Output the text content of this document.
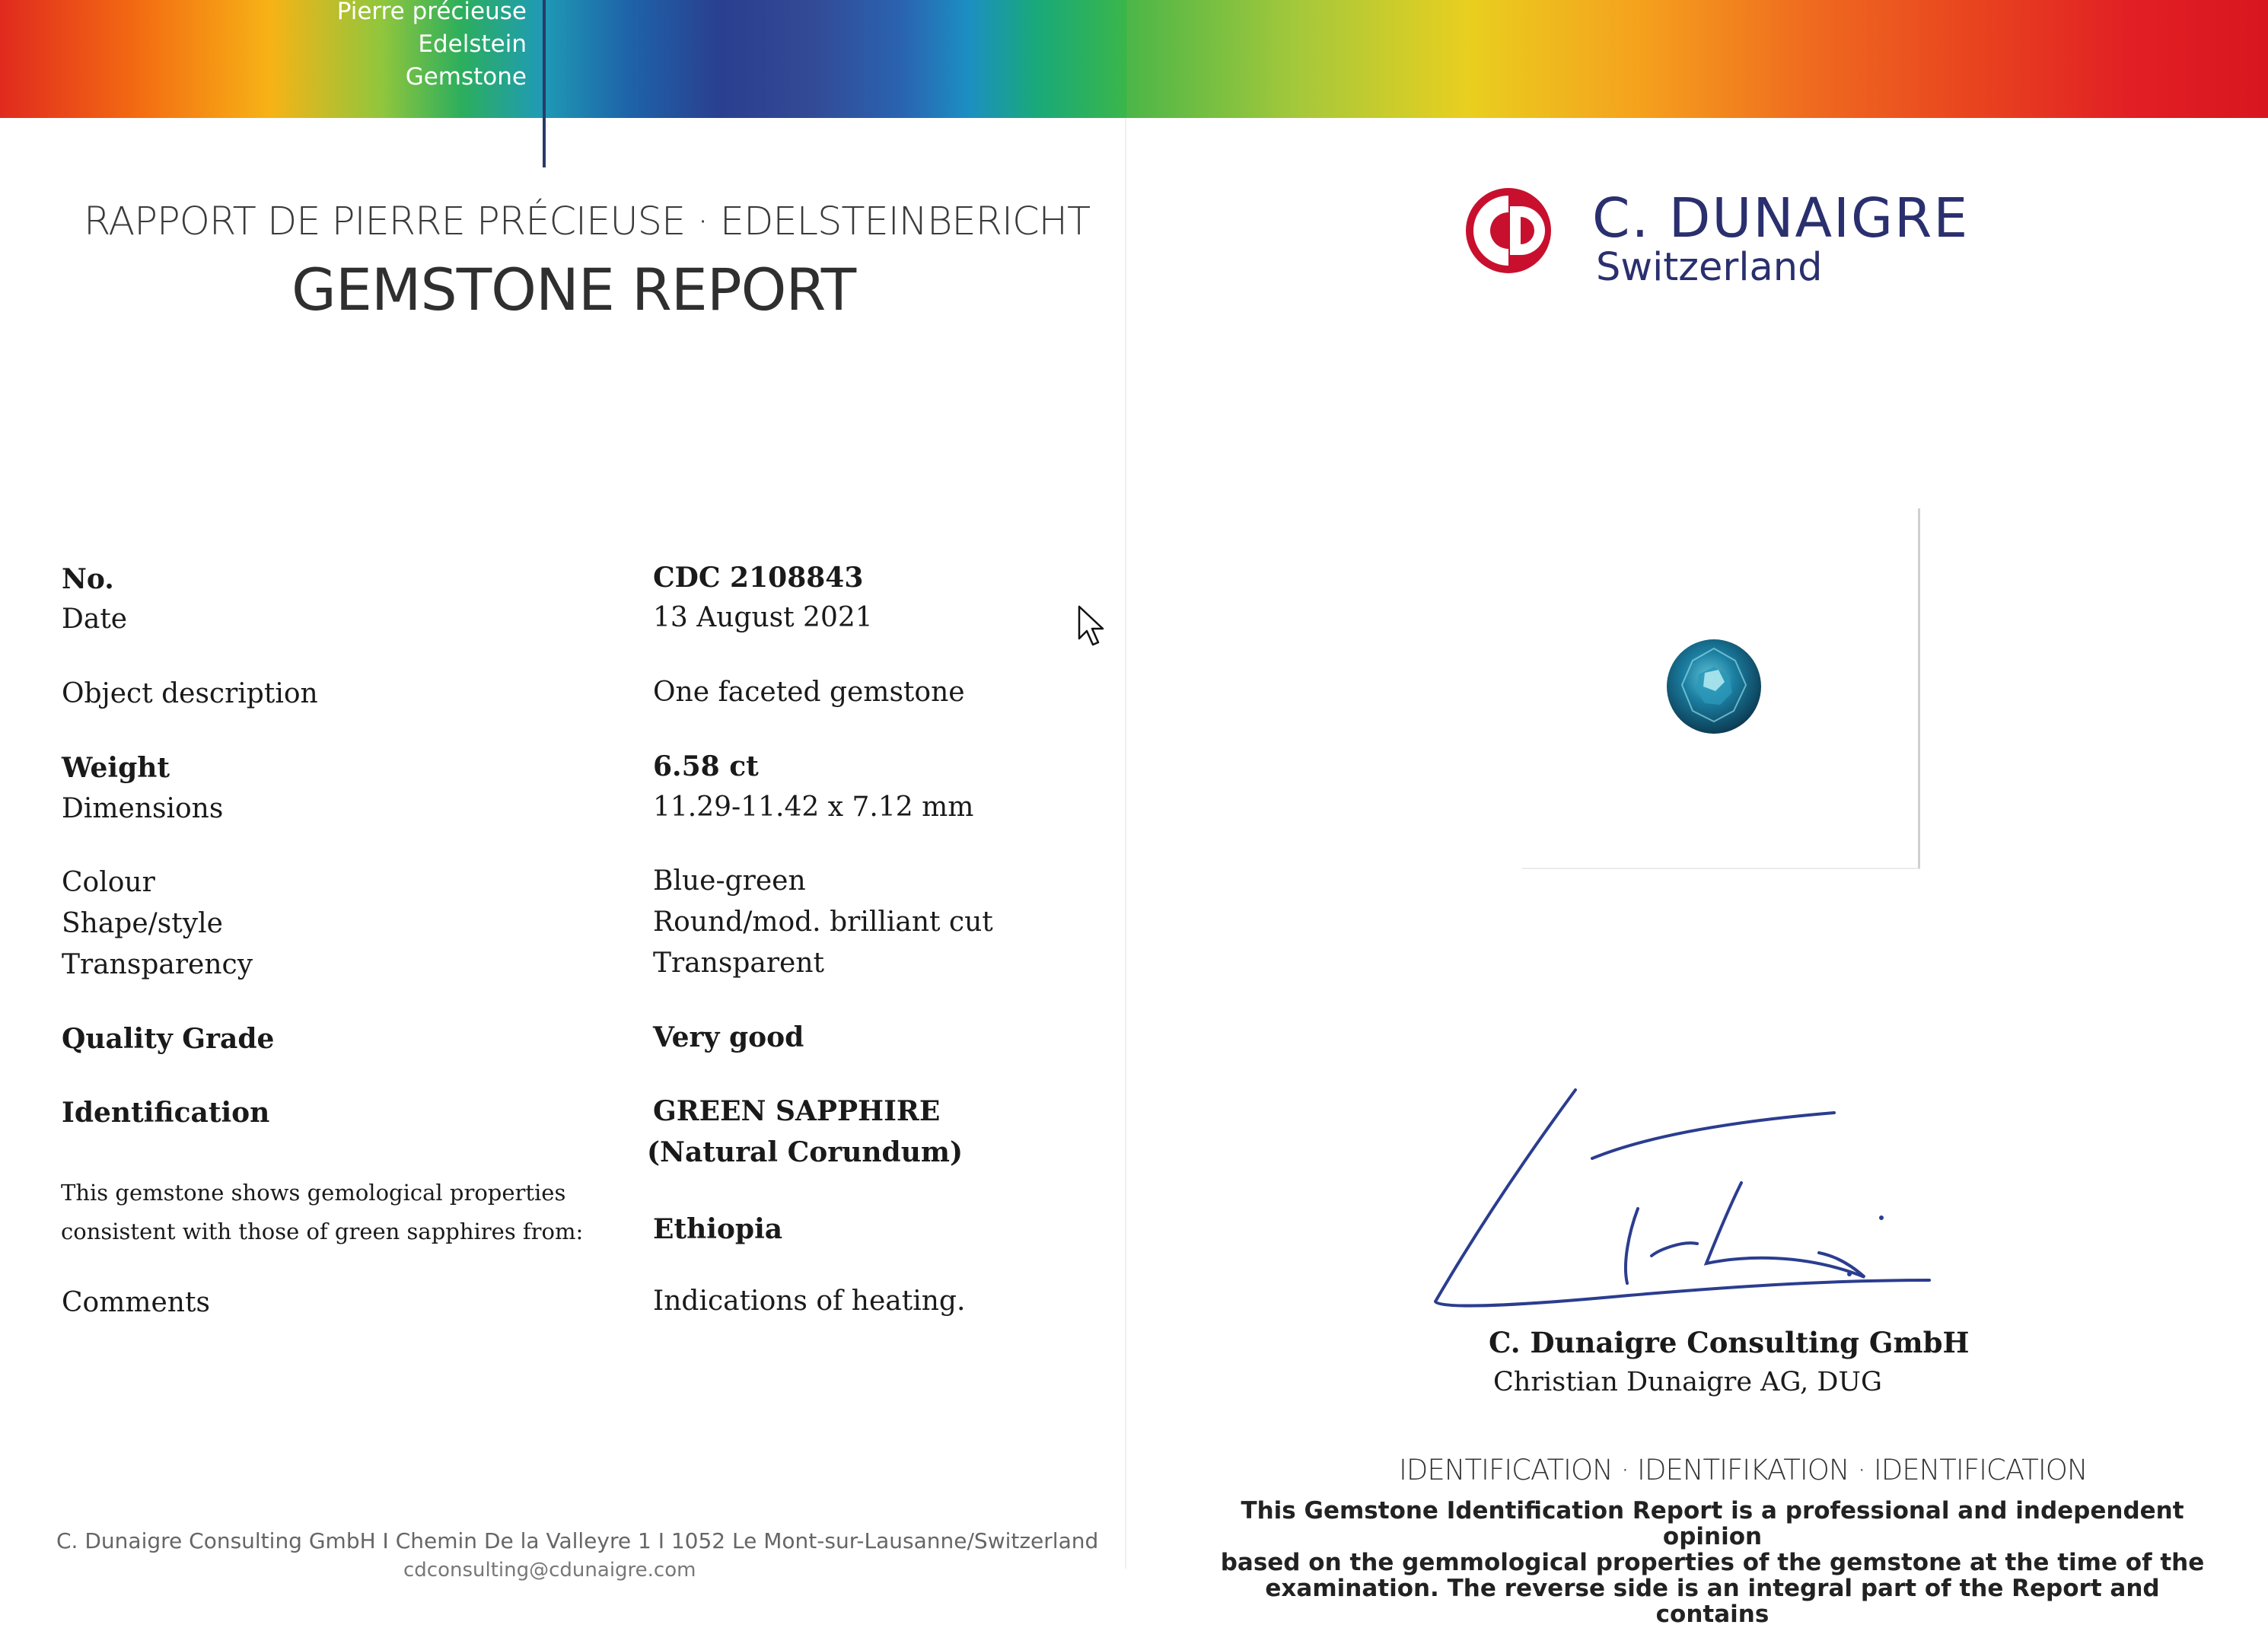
Pierre précieuse
Edelstein
Gemstone
RAPPORT DE PIERRE PRÉCIEUSE · EDELSTEINBERICHT
GEMSTONE REPORT
No.	CDC 2108843
Date	13 August 2021
Object description	One faceted gemstone
Weight	6.58 ct
Dimensions	11.29-11.42 x 7.12 mm
Colour	Blue-green
Shape/style	Round/mod. brilliant cut
Transparency	Transparent
Quality Grade	Very good
Identification	GREEN SAPPHIRE
(Natural Corundum)
This gemstone shows gemological properties
consistent with those of green sapphires from:	Ethiopia
Comments	Indications of heating.
C. Dunaigre Consulting GmbH I Chemin De la Valleyre 1 I 1052 Le Mont-sur-Lausanne/Switzerland
cdconsulting@cdunaigre.com
C. DUNAIGRE
Switzerland
C. Dunaigre Consulting GmbH
Christian Dunaigre AG, DUG
IDENTIFICATION · IDENTIFIKATION · IDENTIFICATION
This Gemstone Identification Report is a professional and independent opinion
based on the gemmological properties of the gemstone at the time of the
examination. The reverse side is an integral part of the Report and contains
